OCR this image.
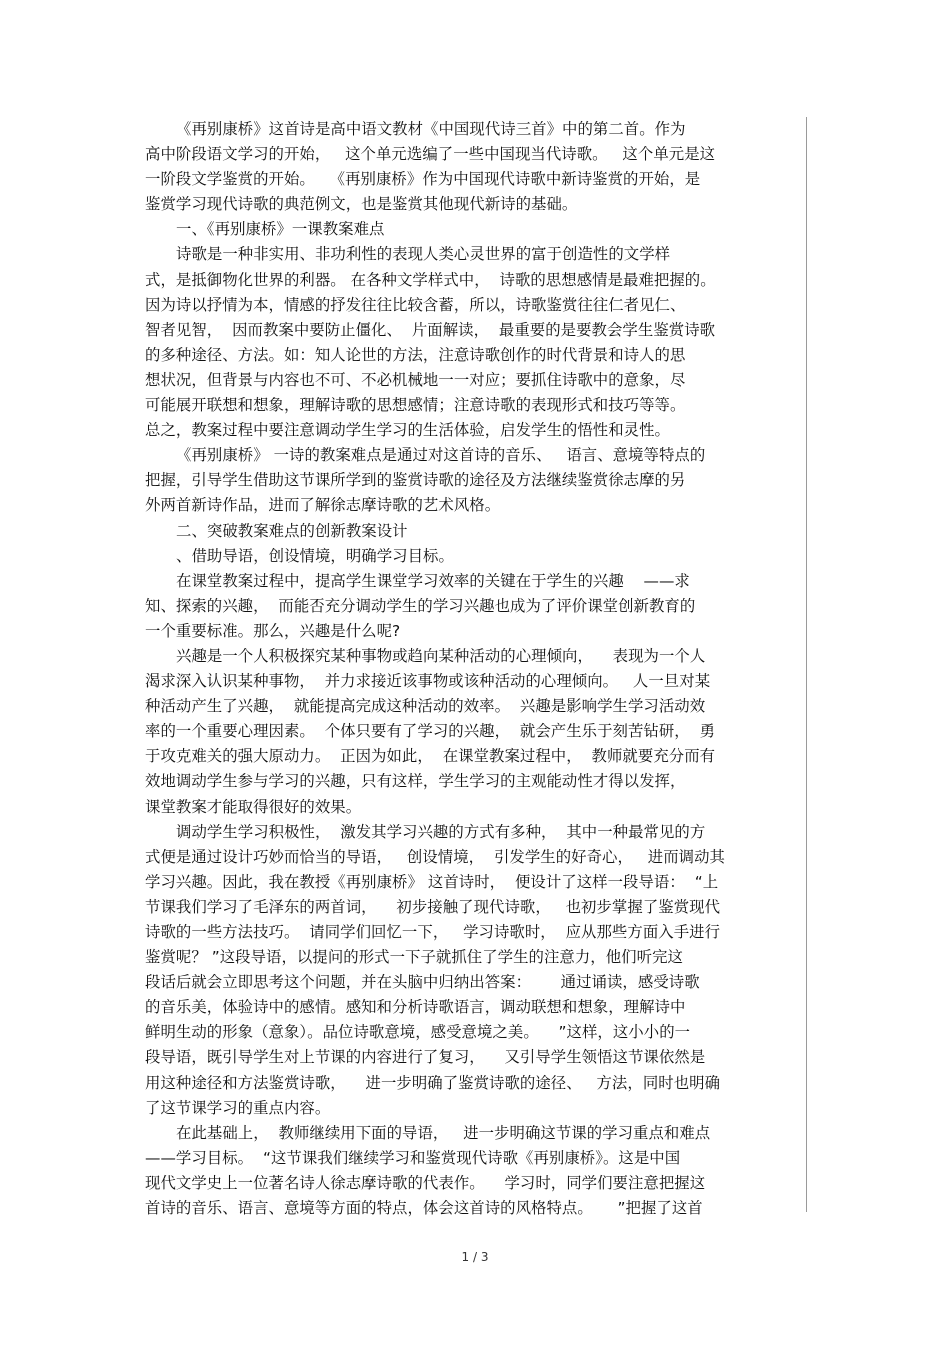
《再别康桥》这首诗是高中语文教材《中国现代诗三首》中的第二首。作为
高中阶段语文学习的开始，   这个单元选编了一些中国现当代诗歌。   这个单元是这
一阶段文学鉴赏的开始。   《再别康桥》作为中国现代诗歌中新诗鉴赏的开始，是
鉴赏学习现代诗歌的典范例文，也是鉴赏其他现代新诗的基础。
一、《再别康桥》一课教案难点
诗歌是一种非实用、非功利性的表现人类心灵世界的富于创造性的文学样
式，是抵御物化世界的利器。 在各种文学样式中，  诗歌的思想感情是最难把握的。
因为诗以抒情为本，情感的抒发往往比较含蓄，所以，诗歌鉴赏往往仁者见仁、
智者见智，  因而教案中要防止僵化、  片面解读，  最重要的是要教会学生鉴赏诗歌
的多种途径、方法。如：知人论世的方法，注意诗歌创作的时代背景和诗人的思
想状况，但背景与内容也不可、不必机械地一一对应；要抓住诗歌中的意象，尽
可能展开联想和想象，理解诗歌的思想感情；注意诗歌的表现形式和技巧等等。
总之，教案过程中要注意调动学生学习的生活体验，启发学生的悟性和灵性。
《再别康桥》 一诗的教案难点是通过对这首诗的音乐、   语言、意境等特点的
把握，引导学生借助这节课所学到的鉴赏诗歌的途径及方法继续鉴赏徐志摩的另
外两首新诗作品，进而了解徐志摩诗歌的艺术风格。
二、突破教案难点的创新教案设计
、借助导语，创设情境，明确学习目标。
在课堂教案过程中，提高学生课堂学习效率的关键在于学生的兴趣    ——求
知、探索的兴趣，  而能否充分调动学生的学习兴趣也成为了评价课堂创新教育的
一个重要标准。那么，兴趣是什么呢?
兴趣是一个人积极探究某种事物或趋向某种活动的心理倾向，    表现为一个人
渴求深入认识某种事物，  并力求接近该事物或该种活动的心理倾向。   人一旦对某
种活动产生了兴趣，  就能提高完成这种活动的效率。  兴趣是影响学生学习活动效
率的一个重要心理因素。  个体只要有了学习的兴趣，  就会产生乐于刻苦钻研，  勇
于攻克难关的强大原动力。  正因为如此，  在课堂教案过程中，  教师就要充分而有
效地调动学生参与学习的兴趣，只有这样，学生学习的主观能动性才得以发挥，
课堂教案才能取得很好的效果。
调动学生学习积极性，  激发其学习兴趣的方式有多种，  其中一种最常见的方
式便是通过设计巧妙而恰当的导语，   创设情境，  引发学生的好奇心，   进而调动其
学习兴趣。因此，我在教授《再别康桥》 这首诗时，  便设计了这样一段导语：  “上
节课我们学习了毛泽东的两首词，    初步接触了现代诗歌，   也初步掌握了鉴赏现代
诗歌的一些方法技巧。  请同学们回忆一下，   学习诗歌时，  应从那些方面入手进行
鉴赏呢？ ”这段导语，以提问的形式一下子就抓住了学生的注意力，他们听完这
段话后就会立即思考这个问题，并在头脑中归纳出答案：      通过诵读，感受诗歌
的音乐美，体验诗中的感情。感知和分析诗歌语言，调动联想和想象，理解诗中
鲜明生动的形象（意象）。品位诗歌意境，感受意境之美。    ”这样，这小小的一
段导语，既引导学生对上节课的内容进行了复习，    又引导学生领悟这节课依然是
用这种途径和方法鉴赏诗歌，    进一步明确了鉴赏诗歌的途径、   方法，同时也明确
了这节课学习的重点内容。
在此基础上，  教师继续用下面的导语，   进一步明确这节课的学习重点和难点
——学习目标。  “这节课我们继续学习和鉴赏现代诗歌《再别康桥》。这是中国
现代文学史上一位著名诗人徐志摩诗歌的代表作。    学习时，同学们要注意把握这
首诗的音乐、语言、意境等方面的特点，体会这首诗的风格特点。     ”把握了这首
1 / 3
